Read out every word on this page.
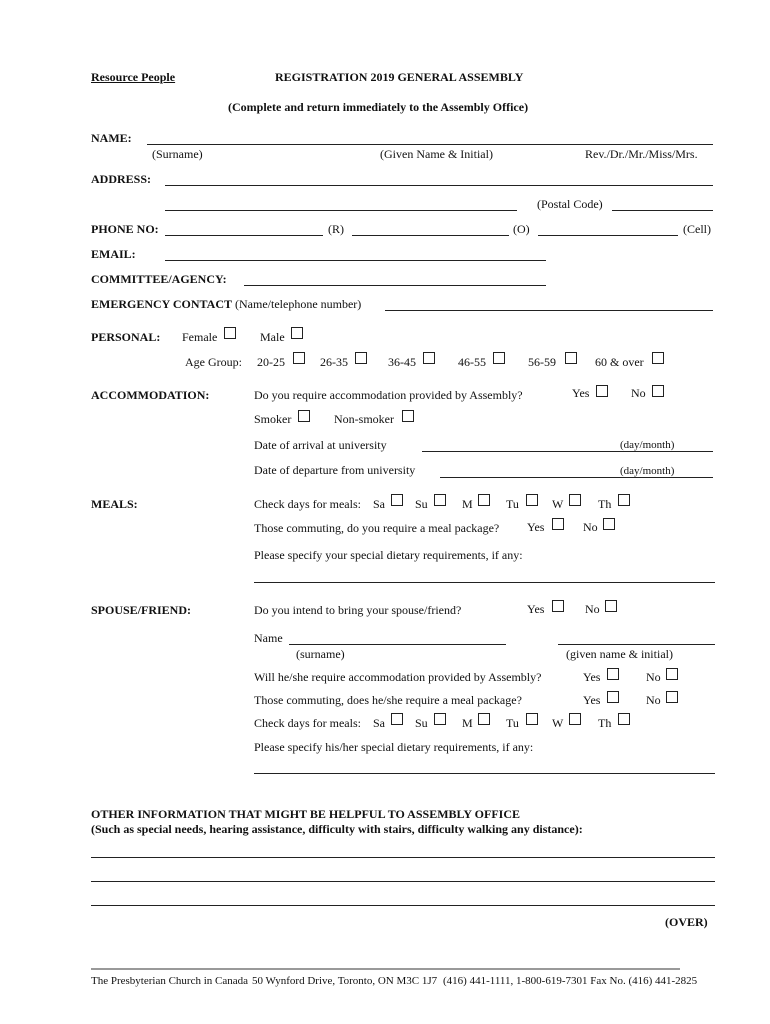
Resource People	REGISTRATION 2019 GENERAL ASSEMBLY
(Complete and return immediately to the Assembly Office)
NAME:
(Surname)	(Given Name & Initial)	Rev./Dr./Mr./Miss/Mrs.
ADDRESS:
(Postal Code)
PHONE NO:	(R)	(O)	(Cell)
EMAIL:
COMMITTEE/AGENCY:
EMERGENCY CONTACT (Name/telephone number)
PERSONAL: Female	Male
Age Group: 20-25	26-35	36-45	46-55	56-59	60 & over
ACCOMMODATION:	Do you require accommodation provided by Assembly?	Yes	No
Smoker	Non-smoker
Date of arrival at university	(day/month)
Date of departure from university	(day/month)
MEALS:	Check days for meals: Sa	Su	M	Tu	W	Th
Those commuting, do you require a meal package? Yes	No
Please specify your special dietary requirements, if any:
SPOUSE/FRIEND:	Do you intend to bring your spouse/friend?	Yes	No
Name
(surname)	(given name & initial)
Will he/she require accommodation provided by Assembly?	Yes	No
Those commuting, does he/she require a meal package?	Yes	No
Check days for meals: Sa	Su	M	Tu	W	Th
Please specify his/her special dietary requirements, if any:
OTHER INFORMATION THAT MIGHT BE HELPFUL TO ASSEMBLY OFFICE
(Such as special needs, hearing assistance, difficulty with stairs, difficulty walking any distance):
(OVER)
The Presbyterian Church in Canada 50 Wynford Drive, Toronto, ON M3C 1J7 (416) 441-1111, 1-800-619-7301 Fax No. (416) 441-2825
